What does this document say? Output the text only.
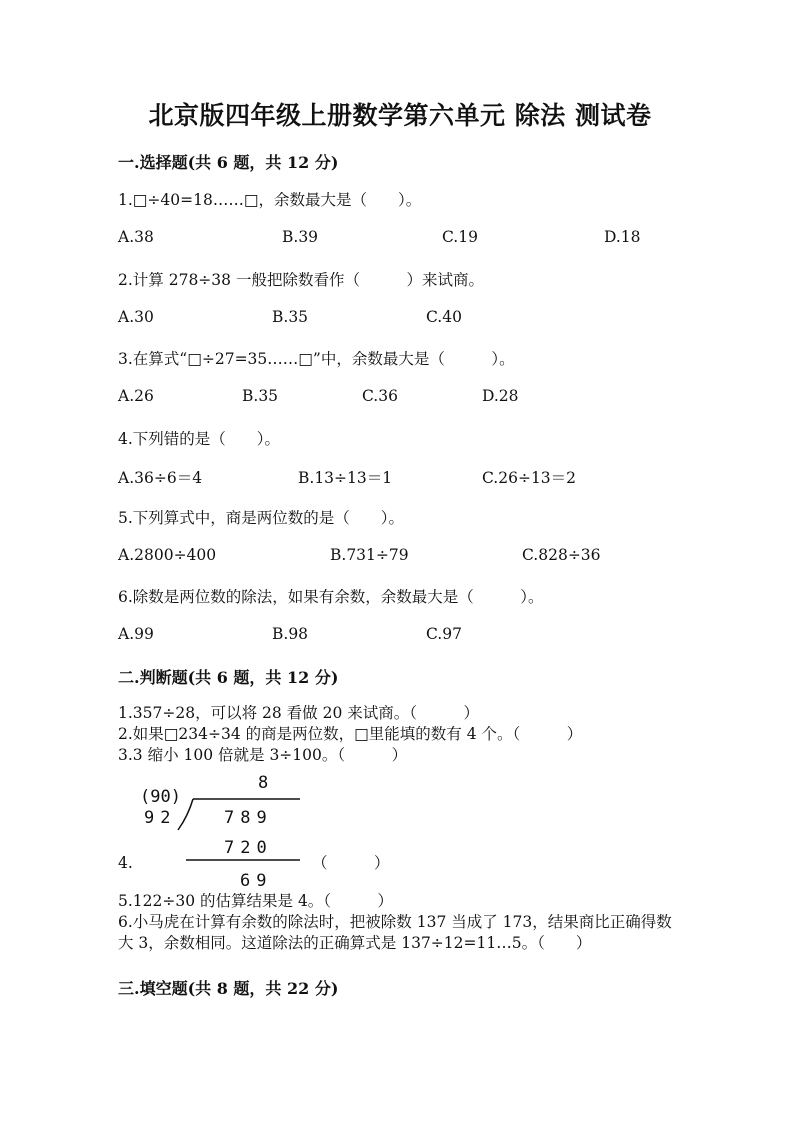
北京版四年级上册数学第六单元 除法 测试卷
一.选择题(共 6 题，共 12 分)
1.□÷40=18……□，余数最大是（　　）。
A.38	B.39	C.19	D.18
2.计算 278÷38 一般把除数看作（　　　）来试商。
A.30	B.35	C.40
3.在算式“□÷27=35……□”中，余数最大是（　　　）。
A.26	B.35	C.36	D.28
4.下列错的是（　　）。
A.36÷6＝4	B.13÷13＝1	C.26÷13＝2
5.下列算式中，商是两位数的是（　　）。
A.2800÷400	B.731÷79	C.828÷36
6.除数是两位数的除法，如果有余数，余数最大是（　　　）。
A.99	B.98	C.97
二.判断题(共 6 题，共 12 分)
1.357÷28，可以将 28 看做 20 来试商。（　　　）
2.如果□234÷34 的商是两位数，□里能填的数有 4 个。（　　　）
3.3 缩小 100 倍就是 3÷100。（　　　）
8
(90)
92	789
720
69
4.	（　　　）
5.122÷30 的估算结果是 4。（　　　）
6.小马虎在计算有余数的除法时，把被除数 137 当成了 173，结果商比正确得数大 3，余数相同。这道除法的正确算式是 137÷12=11…5。（　　）
三.填空题(共 8 题，共 22 分)
